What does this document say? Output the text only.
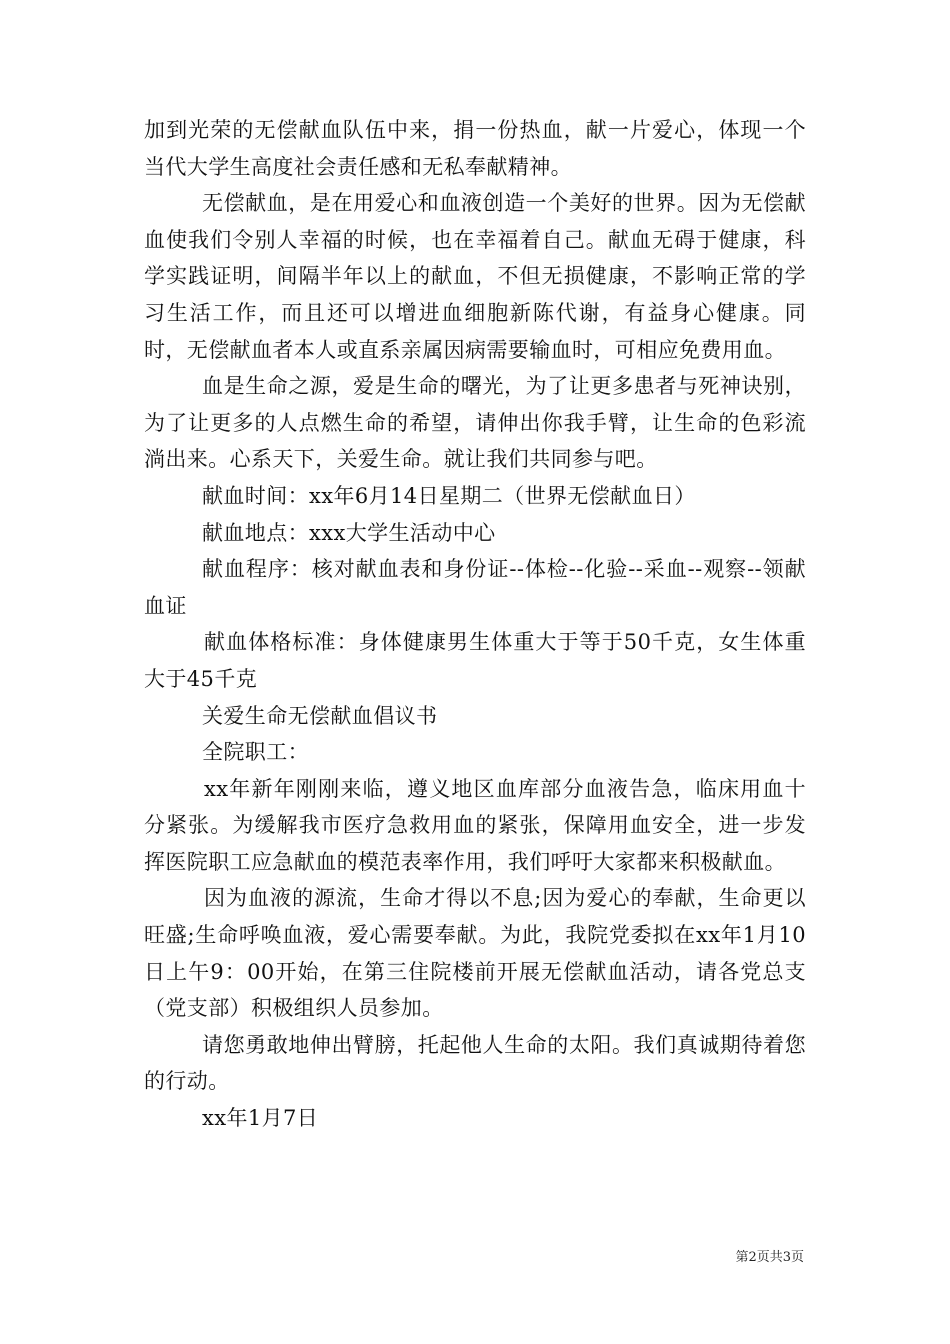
加到光荣的无偿献血队伍中来，捐一份热血，献一片爱心，体现一个当代大学生高度社会责任感和无私奉献精神。

无偿献血，是在用爱心和血液创造一个美好的世界。因为无偿献血使我们令别人幸福的时候，也在幸福着自己。献血无碍于健康，科学实践证明，间隔半年以上的献血，不但无损健康，不影响正常的学习生活工作，而且还可以增进血细胞新陈代谢，有益身心健康。同时，无偿献血者本人或直系亲属因病需要输血时，可相应免费用血。

血是生命之源，爱是生命的曙光，为了让更多患者与死神诀别，为了让更多的人点燃生命的希望，请伸出你我手臂，让生命的色彩流淌出来。心系天下，关爱生命。就让我们共同参与吧。

献血时间：xx年6月14日星期二（世界无偿献血日）

献血地点：xxx大学生活动中心

献血程序：核对献血表和身份证--体检--化验--采血--观察--领献血证

献血体格标准：身体健康男生体重大于等于50千克，女生体重大于45千克

关爱生命无偿献血倡议书

全院职工：

xx年新年刚刚来临，遵义地区血库部分血液告急，临床用血十分紧张。为缓解我市医疗急救用血的紧张，保障用血安全，进一步发挥医院职工应急献血的模范表率作用，我们呼吁大家都来积极献血。

因为血液的源流，生命才得以不息;因为爱心的奉献，生命更以旺盛;生命呼唤血液，爱心需要奉献。为此，我院党委拟在xx年1月10日上午9：00开始，在第三住院楼前开展无偿献血活动，请各党总支（党支部）积极组织人员参加。

请您勇敢地伸出臂膀，托起他人生命的太阳。我们真诚期待着您的行动。

xx年1月7日

第2页共3页
